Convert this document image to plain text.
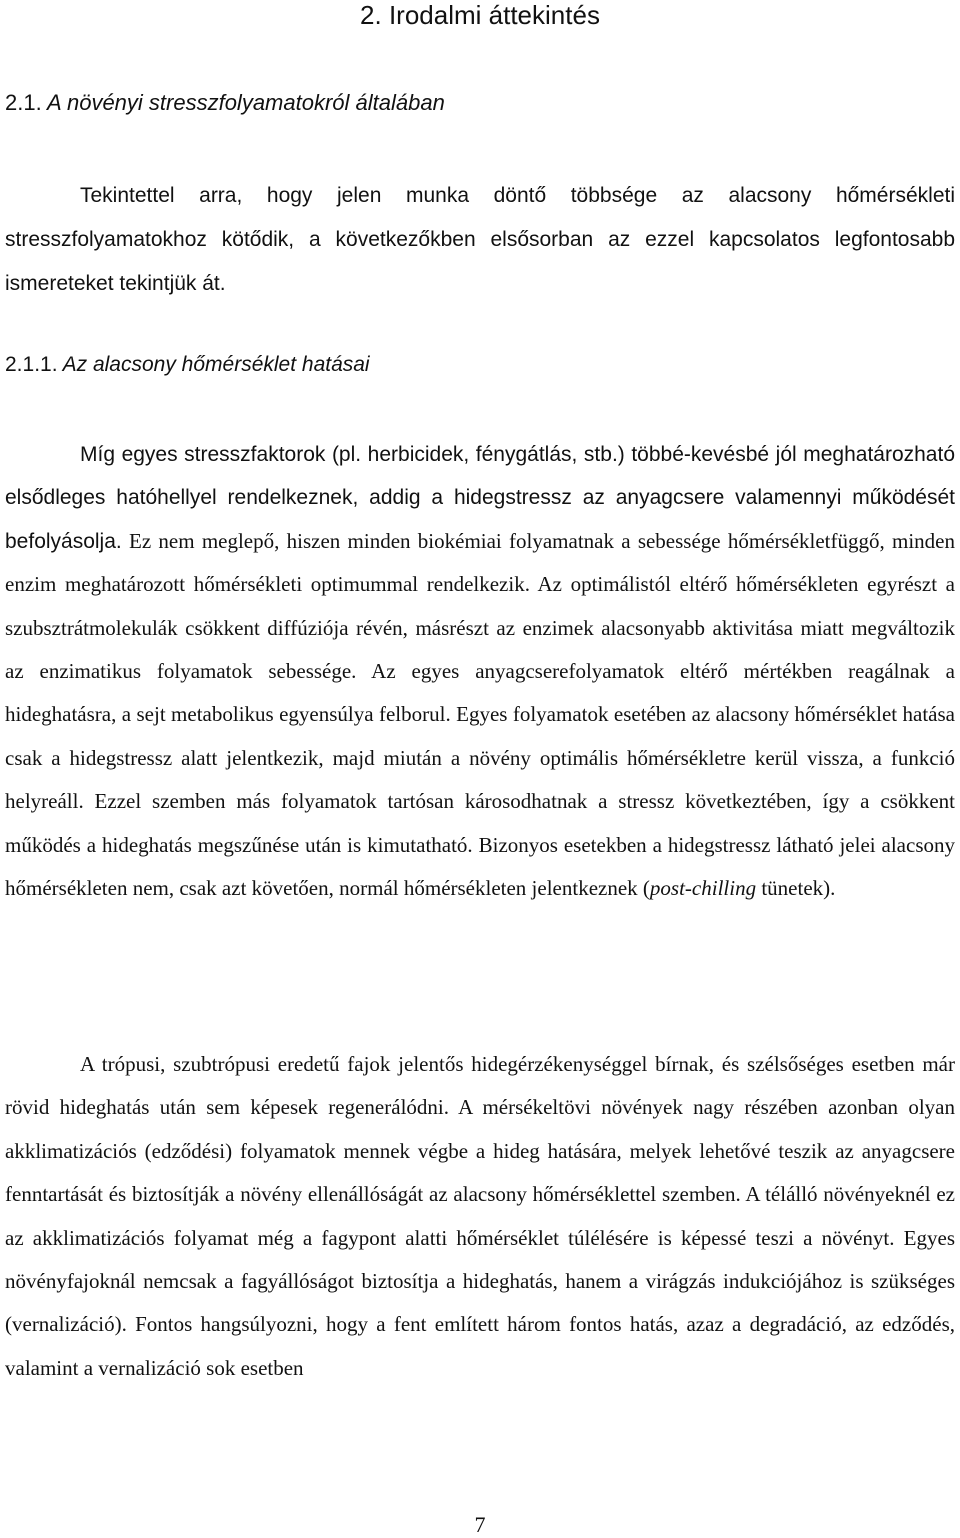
2. Irodalmi áttekintés
2.1. A növényi stresszfolyamatokról általában

Tekintettel arra, hogy jelen munka döntő többsége az alacsony hőmérsékleti stresszfolyamatokhoz kötődik, a következőkben elsősorban az ezzel kapcsolatos legfontosabb ismereteket tekintjük át.

2.1.1. Az alacsony hőmérséklet hatásai

Míg egyes stresszfaktorok (pl. herbicidek, fénygátlás, stb.) többé-kevésbé jól meghatározható elsődleges hatóhellyel rendelkeznek, addig a hidegstressz az anyagcsere valamennyi működését befolyásolja. Ez nem meglepő, hiszen minden biokémiai folyamatnak a sebessége hőmérsékletfüggő, minden enzim meghatározott hőmérsékleti optimummal rendelkezik. Az optimálistól eltérő hőmérsékleten egyrészt a szubsztrátmolekulák csökkent diffúziója révén, másrészt az enzimek alacsonyabb aktivitása miatt megváltozik az enzimatikus folyamatok sebessége. Az egyes anyagcserefolyamatok eltérő mértékben reagálnak a hideghatásra, a sejt metabolikus egyensúlya felborul. Egyes folyamatok esetében az alacsony hőmérséklet hatása csak a hidegstressz alatt jelentkezik, majd miután a növény optimális hőmérsékletre kerül vissza, a funkció helyreáll. Ezzel szemben más folyamatok tartósan károsodhatnak a stressz következtében, így a csökkent működés a hideghatás megszűnése után is kimutatható. Bizonyos esetekben a hidegstressz látható jelei alacsony hőmérsékleten nem, csak azt követően, normál hőmérsékleten jelentkeznek (post-chilling tünetek).

A trópusi, szubtrópusi eredetű fajok jelentős hidegérzékenységgel bírnak, és szélsőséges esetben már rövid hideghatás után sem képesek regenerálódni. A mérsékeltövi növények nagy részében azonban olyan akklimatizációs (edződési) folyamatok mennek végbe a hideg hatására, melyek lehetővé teszik az anyagcsere fenntartását és biztosítják a növény ellenállóságát az alacsony hőmérséklettel szemben. A télálló növényeknél ez az akklimatizációs folyamat még a fagypont alatti hőmérséklet túlélésére is képessé teszi a növényt. Egyes növényfajoknál nemcsak a fagyállóságot biztosítja a hideghatás, hanem a virágzás indukciójához is szükséges (vernalizáció). Fontos hangsúlyozni, hogy a fent említett három fontos hatás, azaz a degradáció, az edződés, valamint a vernalizáció sok esetben

7
